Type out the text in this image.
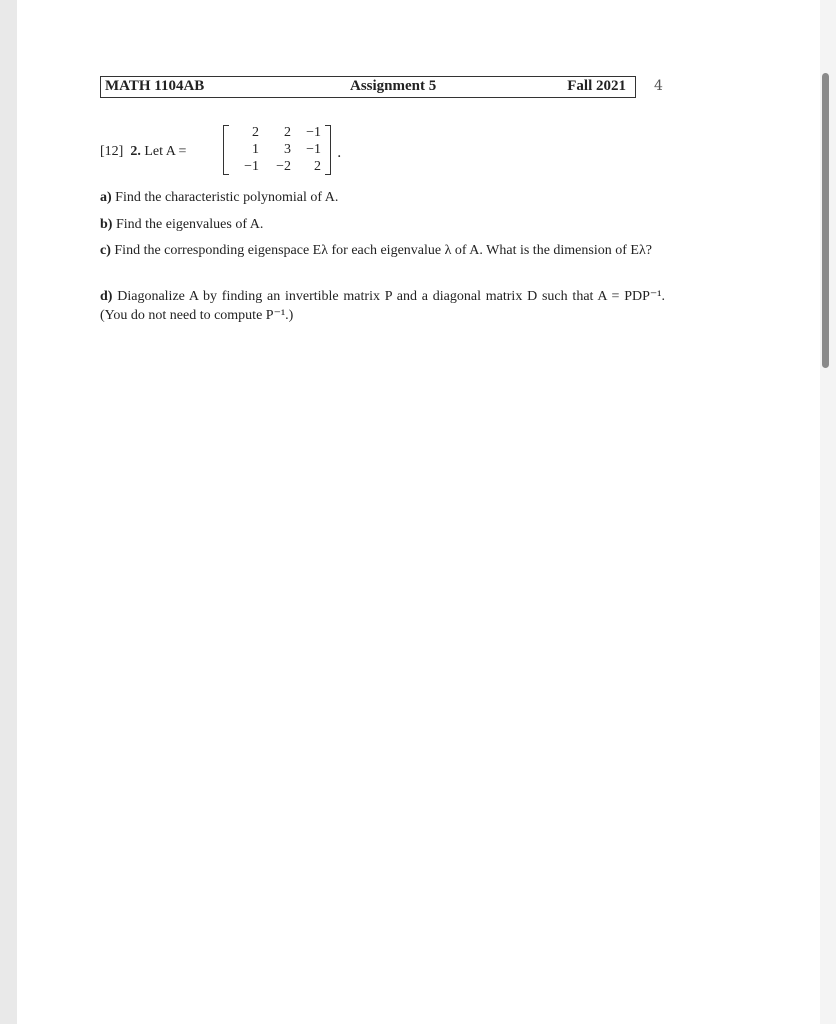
MATH 1104AB	Assignment 5	Fall 2021 4
[12] 2. Let A =
2	2	−1
1	3	−1
−1	−2	2
.
a) Find the characteristic polynomial of A.
b) Find the eigenvalues of A.
c) Find the corresponding eigenspace Eλ for each eigenvalue λ of A. What is the dimension of Eλ?
d) Diagonalize A by finding an invertible matrix P and a diagonal matrix D such that A = PDP⁻¹. (You do not need to compute P⁻¹.)
